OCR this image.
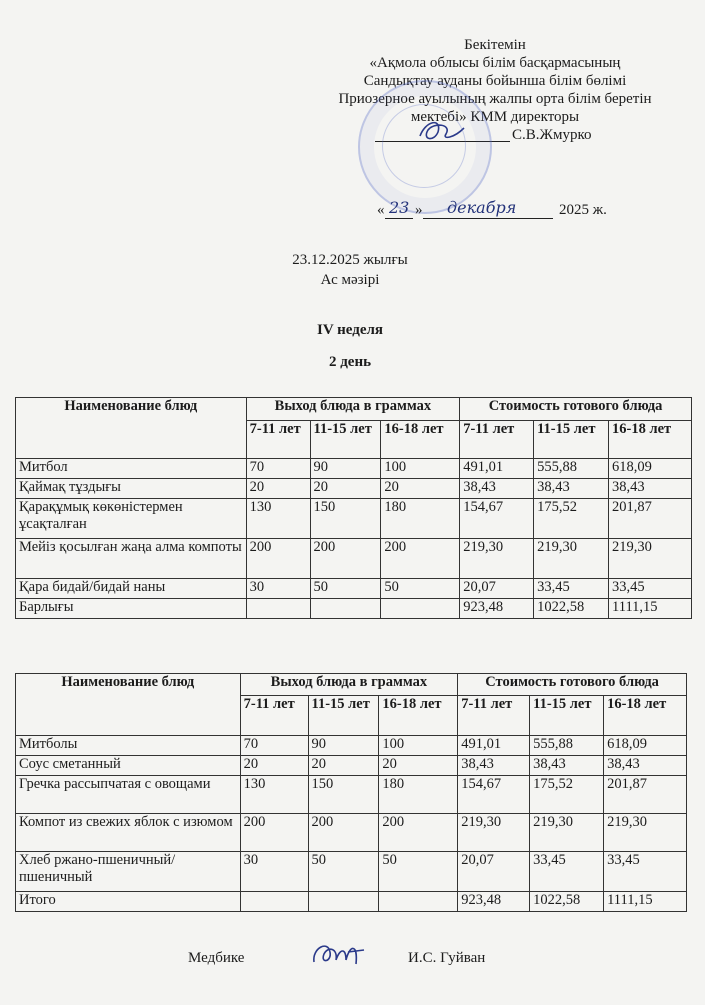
Бекітемін
«Ақмола облысы білім басқармасының
Сандықтау ауданы бойынша білім бөлімі
Приозерное ауылының жалпы орта білім беретін
мектебі» КММ директоры
С.В.Жмурко
« 23 » декабря	2025 ж.
23.12.2025 жылғы
Ас мәзірі
IV неделя
2 день
Наименование блюд	Выход блюда в граммах			Стоимость готового блюда		
	7-11 лет	11-15 лет	16-18 лет	7-11 лет	11-15 лет	16-18 лет
Митбол	70	90	100	491,01	555,88	618,09
Қаймақ тұздығы	20	20	20	38,43	38,43	38,43
Қарақұмық көкөністермен ұсақталған	130	150	180	154,67	175,52	201,87
Мейіз қосылған жаңа алма компоты	200	200	200	219,30	219,30	219,30
Қара бидай/бидай наны	30	50	50	20,07	33,45	33,45
Барлығы				923,48	1022,58	1111,15
Наименование блюд	Выход блюда в граммах			Стоимость готового блюда		
	7-11 лет	11-15 лет	16-18 лет	7-11 лет	11-15 лет	16-18 лет
Митболы	70	90	100	491,01	555,88	618,09
Соус сметанный	20	20	20	38,43	38,43	38,43
Гречка рассыпчатая с овощами	130	150	180	154,67	175,52	201,87
Компот из свежих яблок с изюмом	200	200	200	219,30	219,30	219,30
Хлеб ржано-пшеничный/пшеничный	30	50	50	20,07	33,45	33,45
Итого				923,48	1022,58	1111,15
Медбике	И.С. Гуйван
